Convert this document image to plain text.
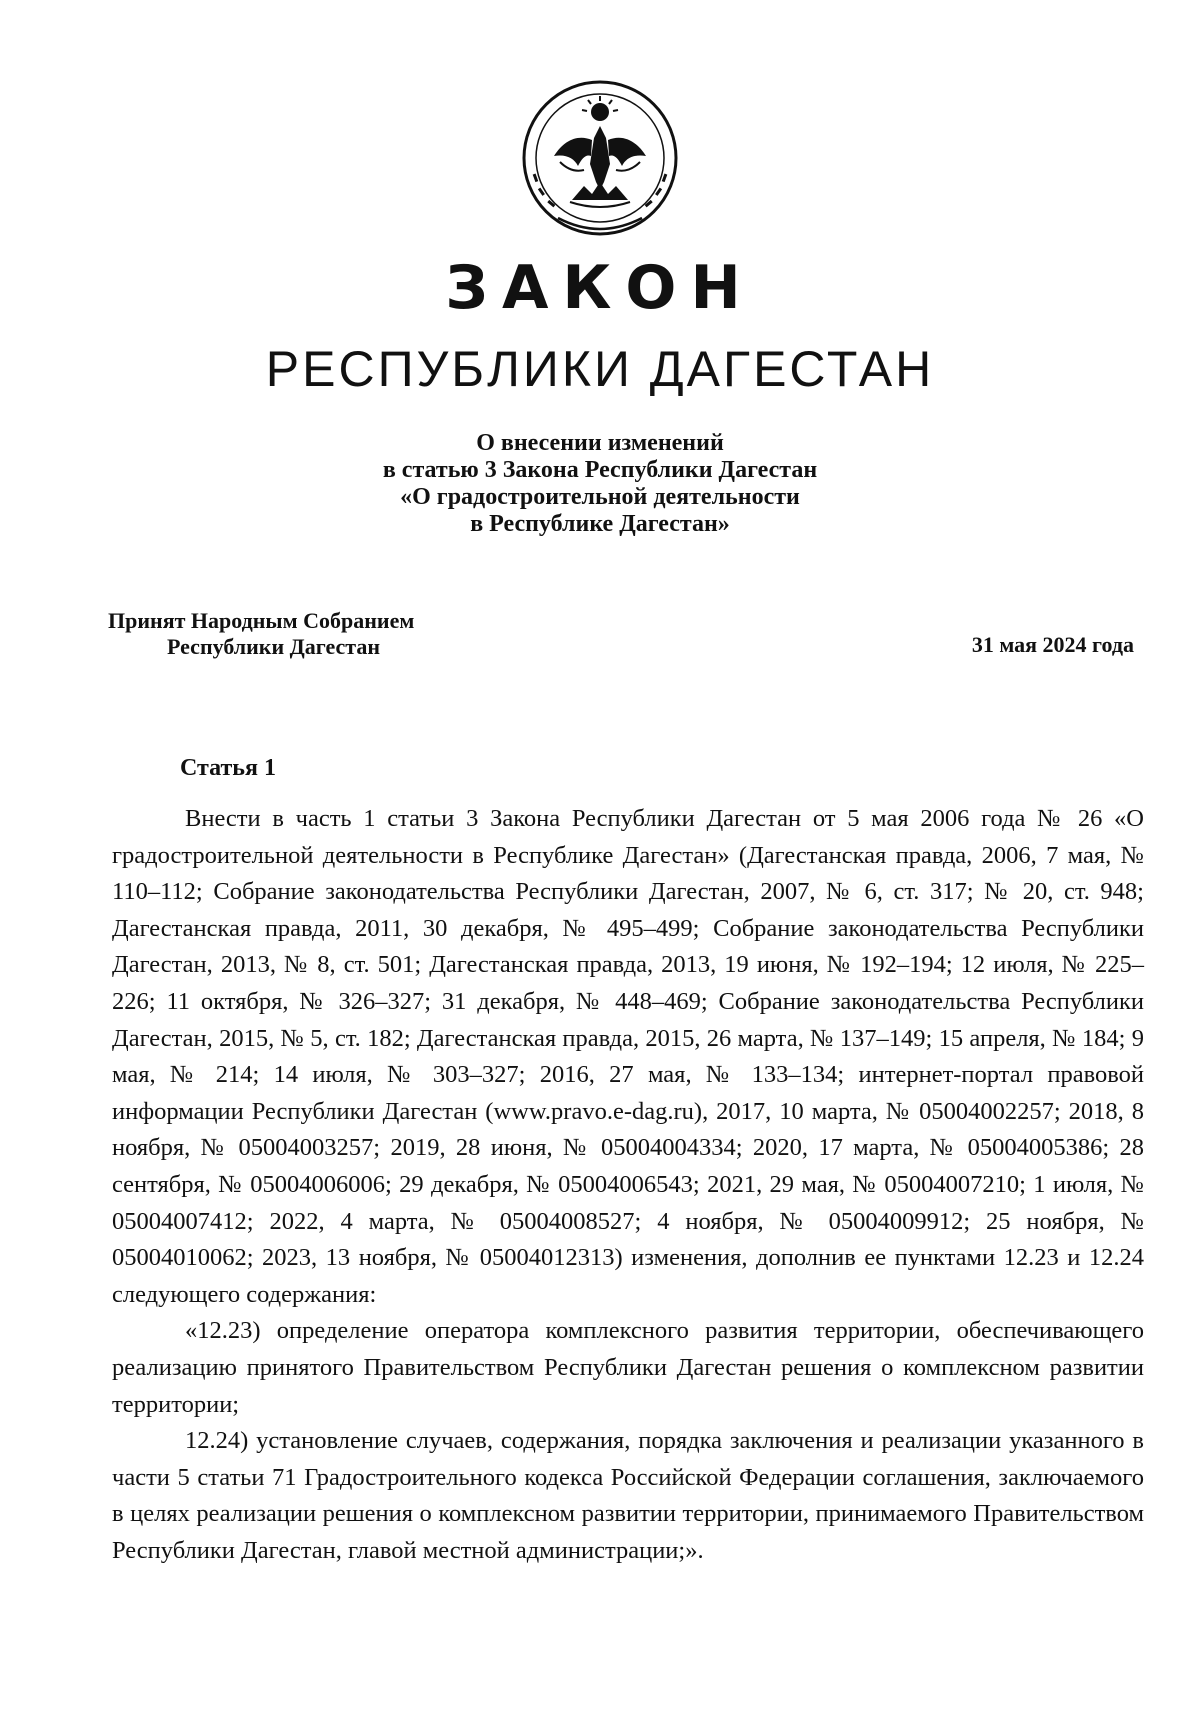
ЗАКОН
РЕСПУБЛИКИ ДАГЕСТАН
О внесении изменений
в статью 3 Закона Республики Дагестан
«О градостроительной деятельности
в Республике Дагестан»
Принят Народным Собранием
Республики Дагестан	31 мая 2024 года
Статья 1

Внести в часть 1 статьи 3 Закона Республики Дагестан от 5 мая 2006 года № 26 «О градостроительной деятельности в Республике Дагестан» (Дагестанская правда, 2006, 7 мая, № 110–112; Собрание законодательства Республики Дагестан, 2007, № 6, ст. 317; № 20, ст. 948; Дагестанская правда, 2011, 30 декабря, № 495–499; Собрание законодательства Республики Дагестан, 2013, № 8, ст. 501; Дагестанская правда, 2013, 19 июня, № 192–194; 12 июля, № 225–226; 11 октября, № 326–327; 31 декабря, № 448–469; Собрание законодательства Республики Дагестан, 2015, № 5, ст. 182; Дагестанская правда, 2015, 26 марта, № 137–149; 15 апреля, № 184; 9 мая, № 214; 14 июля, № 303–327; 2016, 27 мая, № 133–134; интернет-портал правовой информации Республики Дагестан (www.pravo.e-dag.ru), 2017, 10 марта, № 05004002257; 2018, 8 ноября, № 05004003257; 2019, 28 июня, № 05004004334; 2020, 17 марта, № 05004005386; 28 сентября, № 05004006006; 29 декабря, № 05004006543; 2021, 29 мая, № 05004007210; 1 июля, № 05004007412; 2022, 4 марта, № 05004008527; 4 ноября, № 05004009912; 25 ноября, № 05004010062; 2023, 13 ноября, № 05004012313) изменения, дополнив ее пунктами 12.23 и 12.24 следующего содержания:

«12.23) определение оператора комплексного развития территории, обеспечивающего реализацию принятого Правительством Республики Дагестан решения о комплексном развитии территории;

12.24) установление случаев, содержания, порядка заключения и реализации указанного в части 5 статьи 71 Градостроительного кодекса Российской Федерации соглашения, заключаемого в целях реализации решения о комплексном развитии территории, принимаемого Правительством Республики Дагестан, главой местной администрации;».
